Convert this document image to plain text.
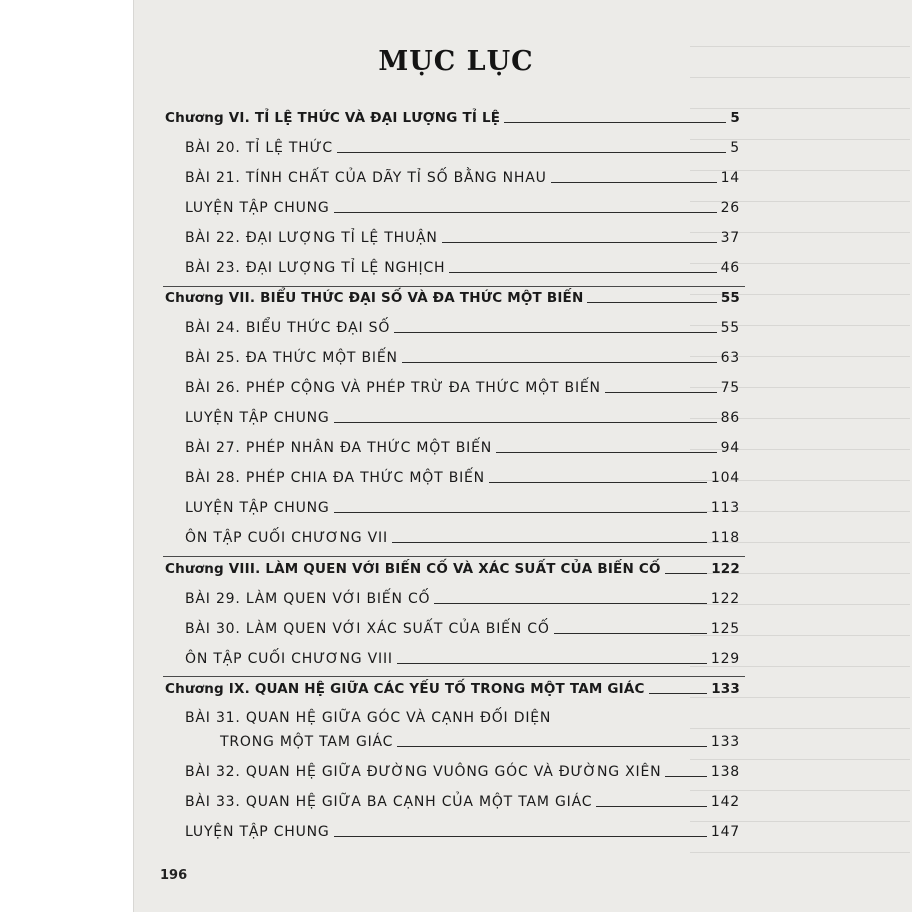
MỤC LỤC
Chương VI. TỈ LỆ THỨC VÀ ĐẠI LƯỢNG TỈ LỆ	5
BÀI 20. TỈ LỆ THỨC	5
BÀI 21. TÍNH CHẤT CỦA DÃY TỈ SỐ BẰNG NHAU	14
LUYỆN TẬP CHUNG	26
BÀI 22. ĐẠI LƯỢNG TỈ LỆ THUẬN	37
BÀI 23. ĐẠI LƯỢNG TỈ LỆ NGHỊCH	46
Chương VII. BIỂU THỨC ĐẠI SỐ VÀ ĐA THỨC MỘT BIẾN	55
BÀI 24. BIỂU THỨC ĐẠI SỐ	55
BÀI 25. ĐA THỨC MỘT BIẾN	63
BÀI 26. PHÉP CỘNG VÀ PHÉP TRỪ ĐA THỨC MỘT BIẾN	75
LUYỆN TẬP CHUNG	86
BÀI 27. PHÉP NHÂN ĐA THỨC MỘT BIẾN	94
BÀI 28. PHÉP CHIA ĐA THỨC MỘT BIẾN	104
LUYỆN TẬP CHUNG	113
ÔN TẬP CUỐI CHƯƠNG VII	118
Chương VIII. LÀM QUEN VỚI BIẾN CỐ VÀ XÁC SUẤT CỦA BIẾN CỐ	122
BÀI 29. LÀM QUEN VỚI BIẾN CỐ	122
BÀI 30. LÀM QUEN VỚI XÁC SUẤT CỦA BIẾN CỐ	125
ÔN TẬP CUỐI CHƯƠNG VIII	129
Chương IX. QUAN HỆ GIỮA CÁC YẾU TỐ TRONG MỘT TAM GIÁC	133
BÀI 31. QUAN HỆ GIỮA GÓC VÀ CẠNH ĐỐI DIỆN
TRONG MỘT TAM GIÁC	133
BÀI 32. QUAN HỆ GIỮA ĐƯỜNG VUÔNG GÓC VÀ ĐƯỜNG XIÊN	138
BÀI 33. QUAN HỆ GIỮA BA CẠNH CỦA MỘT TAM GIÁC	142
LUYỆN TẬP CHUNG	147
196
